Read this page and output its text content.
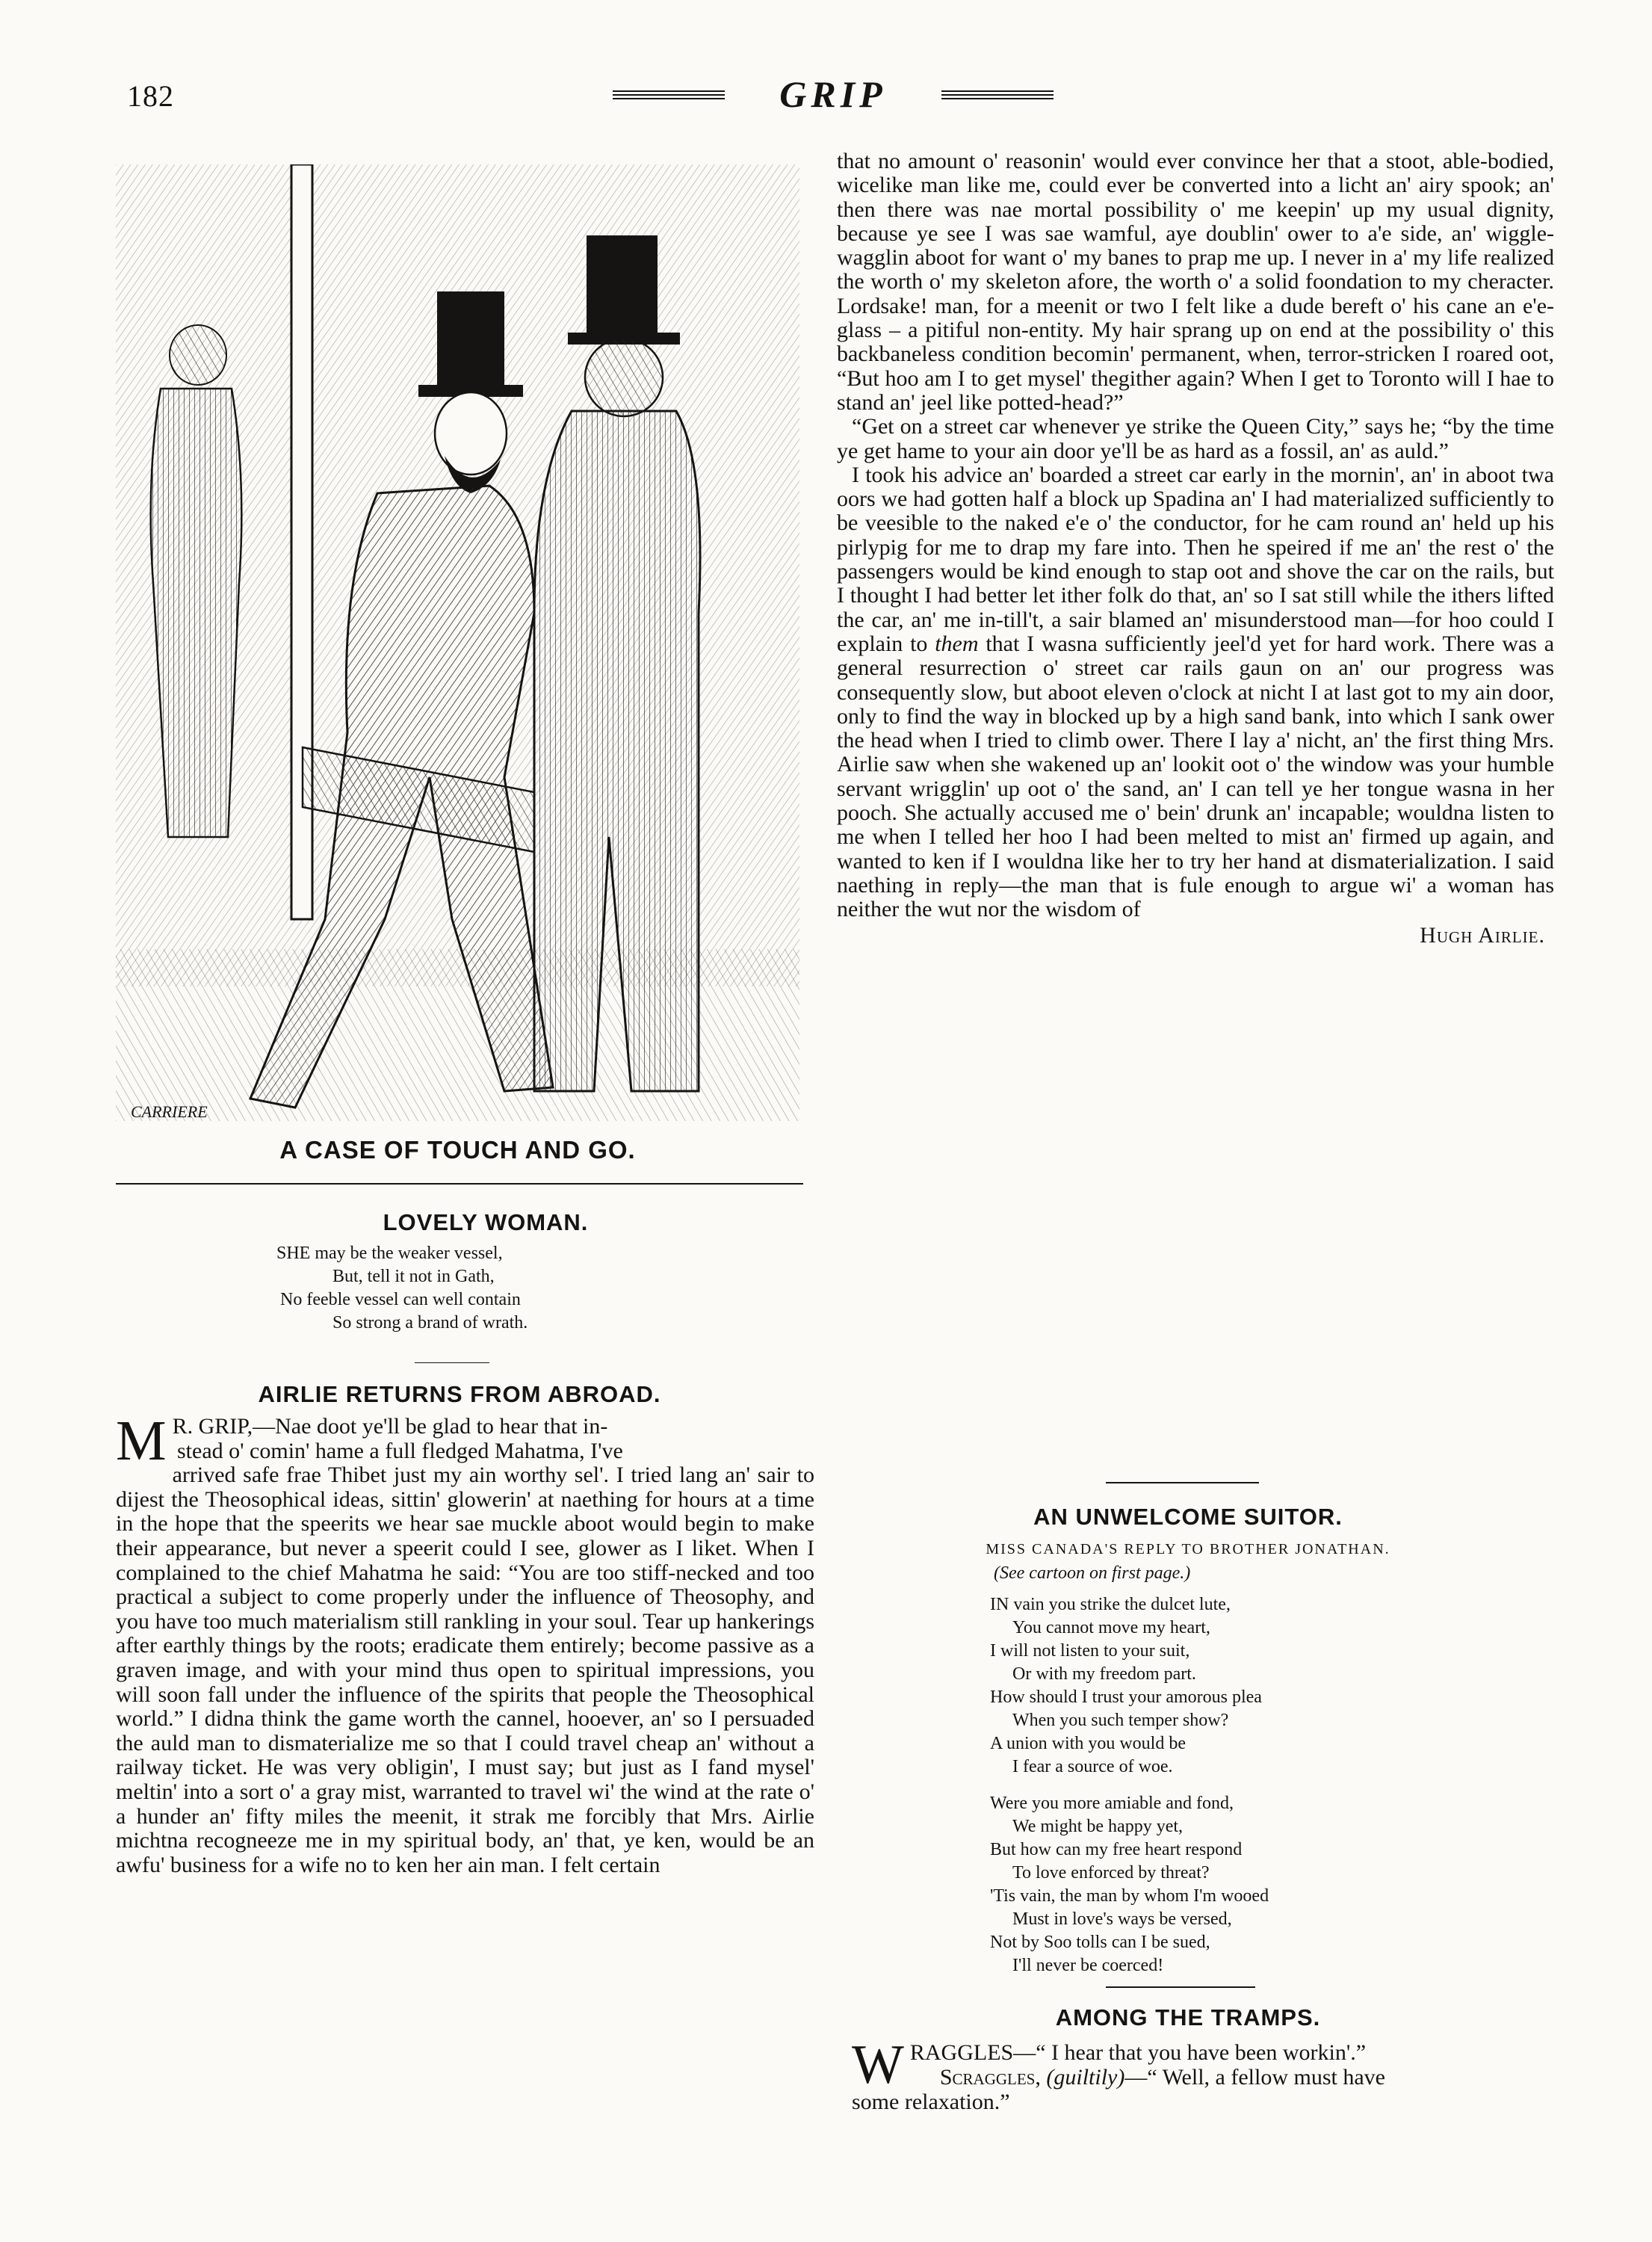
182	GRIP
CARRIERE
A CASE OF TOUCH AND GO.
LOVELY WOMAN.
SHE may be the weaker vessel,
But, tell it not in Gath,
No feeble vessel can well contain
So strong a brand of wrath.
AIRLIE RETURNS FROM ABROAD.

M R. GRIP,—Nae doot ye'll be glad to hear that in-
stead o' comin' hame a full fledged Mahatma, I've
arrived safe frae Thibet just my ain worthy sel'. I tried lang an' sair to dijest the Theosophical ideas, sittin' glowerin' at naething for hours at a time in the hope that the speerits we hear sae muckle aboot would begin to make their appearance, but never a speerit could I see, glower as I liket. When I complained to the chief Mahatma he said: “You are too stiff-necked and too practical a subject to come properly under the influence of Theosophy, and you have too much materialism still rankling in your soul. Tear up hankerings after earthly things by the roots; eradicate them entirely; become passive as a graven image, and with your mind thus open to spiritual impressions, you will soon fall under the influence of the spirits that people the Theosophical world.” I didna think the game worth the cannel, hooever, an' so I persuaded the auld man to dismaterialize me so that I could travel cheap an' without a railway ticket. He was very obligin', I must say; but just as I fand mysel' meltin' into a sort o' a gray mist, warranted to travel wi' the wind at the rate o' a hunder an' fifty miles the meenit, it strak me forcibly that Mrs. Airlie michtna recogneeze me in my spiritual body, an' that, ye ken, would be an awfu' business for a wife no to ken her ain man. I felt certain

that no amount o' reasonin' would ever convince her that a stoot, able-bodied, wicelike man like me, could ever be converted into a licht an' airy spook; an' then there was nae mortal possibility o' me keepin' up my usual dignity, because ye see I was sae wamful, aye doublin' ower to a'e side, an' wiggle-wagglin aboot for want o' my banes to prap me up. I never in a' my life realized the worth o' my skeleton afore, the worth o' a solid foondation to my cheracter. Lordsake! man, for a meenit or two I felt like a dude bereft o' his cane an e'e-glass – a pitiful non-entity. My hair sprang up on end at the possibility o' this backbaneless condition becomin' permanent, when, terror-stricken I roared oot, “But hoo am I to get mysel' thegither again? When I get to Toronto will I hae to stand an' jeel like potted-head?”

“Get on a street car whenever ye strike the Queen City,” says he; “by the time ye get hame to your ain door ye'll be as hard as a fossil, an' as auld.”

I took his advice an' boarded a street car early in the mornin', an' in aboot twa oors we had gotten half a block up Spadina an' I had materialized sufficiently to be veesible to the naked e'e o' the conductor, for he cam round an' held up his pirlypig for me to drap my fare into. Then he speired if me an' the rest o' the passengers would be kind enough to stap oot and shove the car on the rails, but I thought I had better let ither folk do that, an' so I sat still while the ithers lifted the car, an' me in-till't, a sair blamed an' misunderstood man—for hoo could I explain to them that I wasna sufficiently jeel'd yet for hard work. There was a general resurrection o' street car rails gaun on an' our progress was consequently slow, but aboot eleven o'clock at nicht I at last got to my ain door, only to find the way in blocked up by a high sand bank, into which I sank ower the head when I tried to climb ower. There I lay a' nicht, an' the first thing Mrs. Airlie saw when she wakened up an' lookit oot o' the window was your humble servant wrigglin' up oot o' the sand, an' I can tell ye her tongue wasna in her pooch. She actually accused me o' bein' drunk an' incapable; wouldna listen to me when I telled her hoo I had been melted to mist an' firmed up again, and wanted to ken if I wouldna like her to try her hand at dismaterialization. I said naething in reply—the man that is fule enough to argue wi' a woman has neither the wut nor the wisdom of

Hugh Airlie.
AN UNWELCOME SUITOR.
MISS CANADA'S REPLY TO BROTHER JONATHAN.
(See cartoon on first page.)
IN vain you strike the dulcet lute,
You cannot move my heart,
I will not listen to your suit,
Or with my freedom part.
How should I trust your amorous plea
When you such temper show?
A union with you would be
I fear a source of woe.
Were you more amiable and fond,
We might be happy yet,
But how can my free heart respond
To love enforced by threat?
'Tis vain, the man by whom I'm wooed
Must in love's ways be versed,
Not by Soo tolls can I be sued,
I'll never be coerced!
AMONG THE TRAMPS.
W RAGGLES—“ I hear that you have been workin'.”
Scraggles, (guiltily)—“ Well, a fellow must have
some relaxation.”
